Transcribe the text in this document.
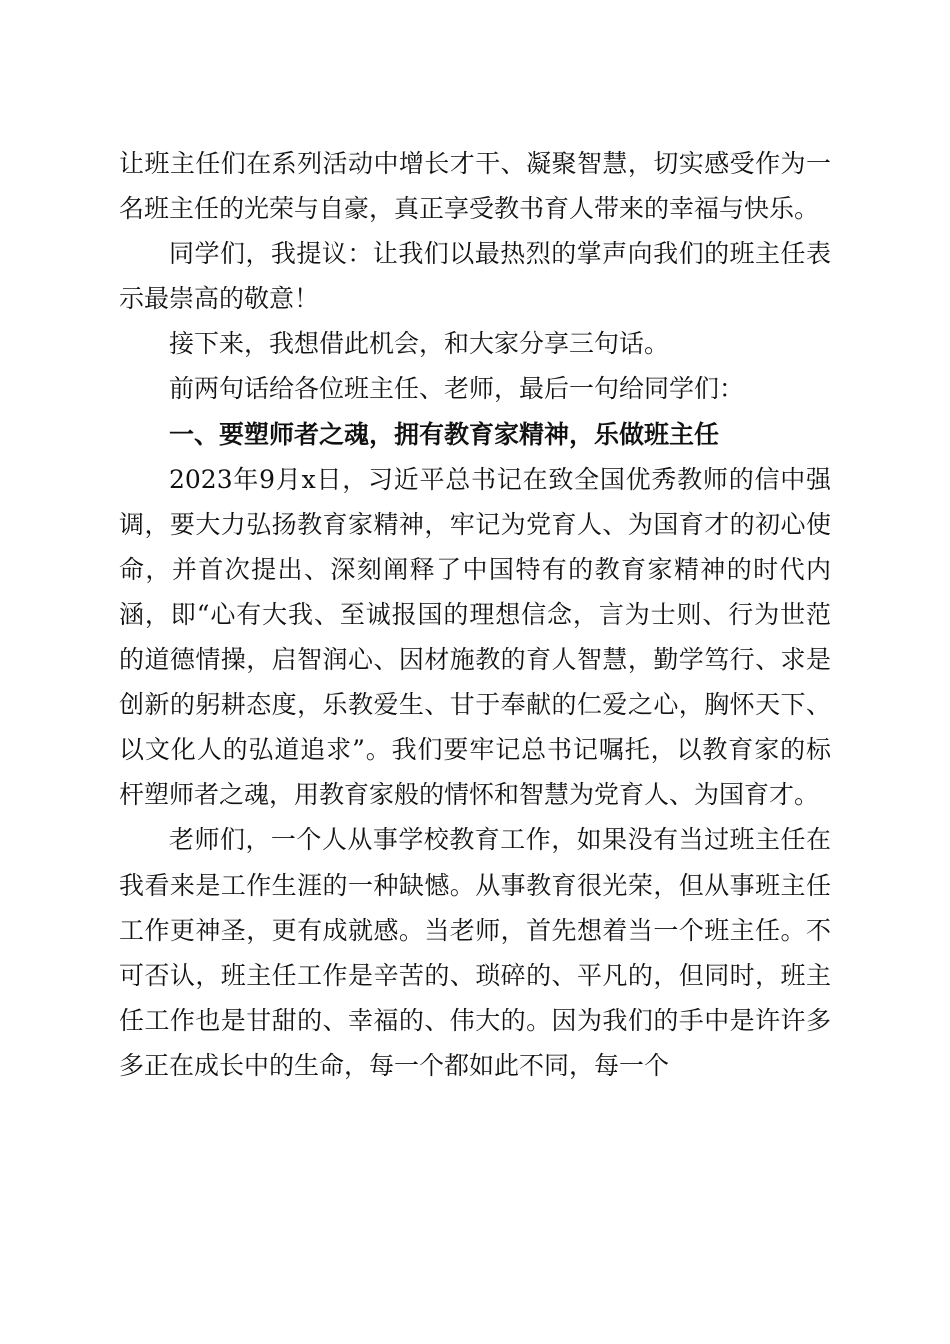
让班主任们在系列活动中增长才干、凝聚智慧，切实感受作为一名班主任的光荣与自豪，真正享受教书育人带来的幸福与快乐。

同学们，我提议：让我们以最热烈的掌声向我们的班主任表示最崇高的敬意！

接下来，我想借此机会，和大家分享三句话。

前两句话给各位班主任、老师，最后一句给同学们：

一、要塑师者之魂，拥有教育家精神，乐做班主任

2023年9月x日，习近平总书记在致全国优秀教师的信中强调，要大力弘扬教育家精神，牢记为党育人、为国育才的初心使命，并首次提出、深刻阐释了中国特有的教育家精神的时代内涵，即“心有大我、至诚报国的理想信念，言为士则、行为世范的道德情操，启智润心、因材施教的育人智慧，勤学笃行、求是创新的躬耕态度，乐教爱生、甘于奉献的仁爱之心，胸怀天下、以文化人的弘道追求”。我们要牢记总书记嘱托，以教育家的标杆塑师者之魂，用教育家般的情怀和智慧为党育人、为国育才。

老师们，一个人从事学校教育工作，如果没有当过班主任在我看来是工作生涯的一种缺憾。从事教育很光荣，但从事班主任工作更神圣，更有成就感。当老师，首先想着当一个班主任。不可否认，班主任工作是辛苦的、琐碎的、平凡的，但同时，班主任工作也是甘甜的、幸福的、伟大的。因为我们的手中是许许多多正在成长中的生命，每一个都如此不同，每一个
